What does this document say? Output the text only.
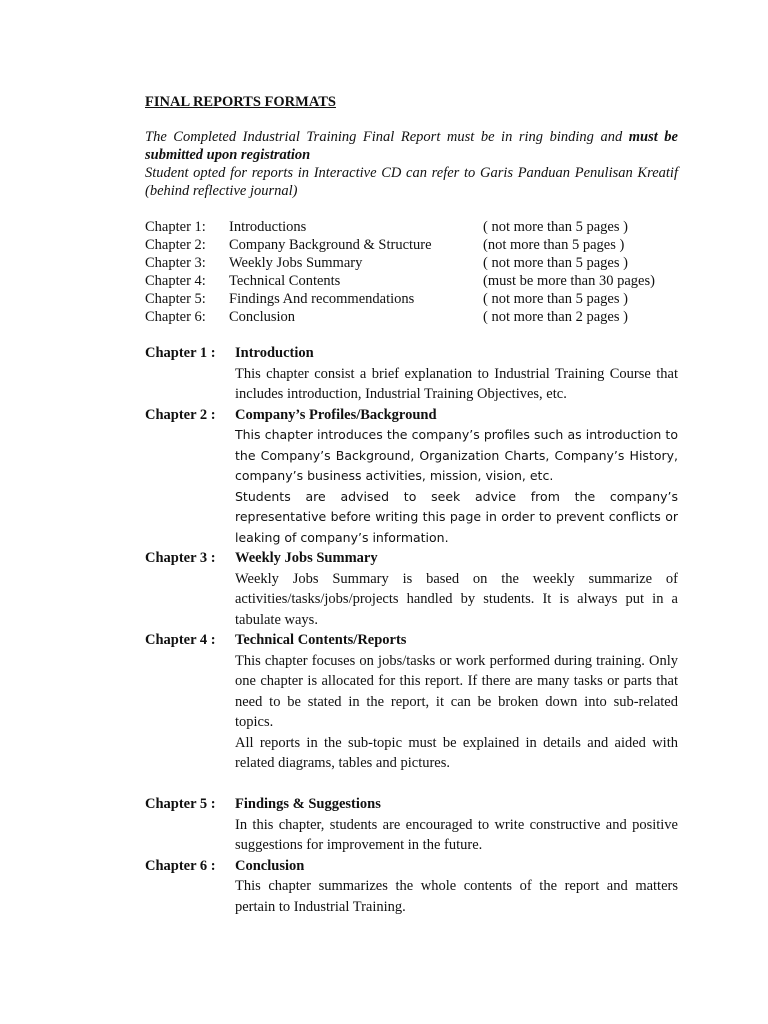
FINAL REPORTS FORMATS

The Completed Industrial Training Final Report must be in ring binding and must be submitted upon registration

Student opted for reports in Interactive CD can refer to Garis Panduan Penulisan Kreatif (behind reflective journal)

Chapter 1: Introductions	( not more than 5 pages )
Chapter 2: Company Background & Structure	(not more than 5 pages )
Chapter 3: Weekly Jobs Summary	( not more than 5 pages )
Chapter 4: Technical Contents	(must be more than 30 pages)
Chapter 5: Findings And recommendations	( not more than 5 pages )
Chapter 6: Conclusion	( not more than 2 pages )
Chapter 1 : Introduction
This chapter consist a brief explanation to Industrial Training Course that includes introduction, Industrial Training Objectives, etc.
Chapter 2 : Company’s Profiles/Background
This chapter introduces the company’s profiles such as introduction to the Company’s Background, Organization Charts, Company’s History, company’s business activities, mission, vision, etc.
Students are advised to seek advice from the company’s representative before writing this page in order to prevent conflicts or leaking of company’s information.
Chapter 3 : Weekly Jobs Summary
Weekly Jobs Summary is based on the weekly summarize of activities/tasks/jobs/projects handled by students. It is always put in a tabulate ways.
Chapter 4 : Technical Contents/Reports
This chapter focuses on jobs/tasks or work performed during training. Only one chapter is allocated for this report. If there are many tasks or parts that need to be stated in the report, it can be broken down into sub-related topics.
All reports in the sub-topic must be explained in details and aided with related diagrams, tables and pictures.
Chapter 5 : Findings & Suggestions
In this chapter, students are encouraged to write constructive and positive suggestions for improvement in the future.
Chapter 6 : Conclusion
This chapter summarizes the whole contents of the report and matters pertain to Industrial Training.
